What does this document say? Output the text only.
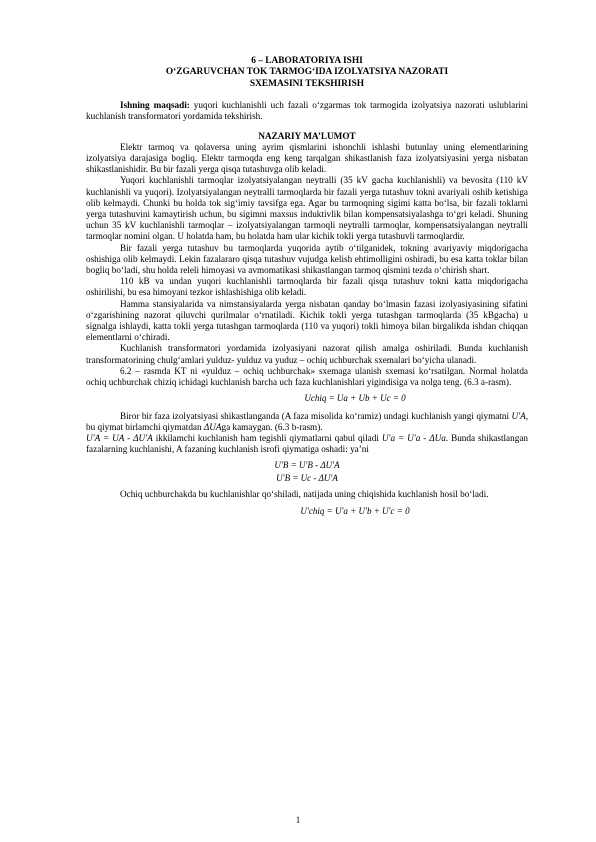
6 – LABORATORIYA ISHI
O‘ZGARUVCHAN TOK TARMOG‘IDA IZOLYATSIYA NAZORATI
SXEMASINI TEKSHIRISH

Ishning maqsadi: yuqori kuchlanishli uch fazali o‘zgarmas tok tarmogida izolyatsiya nazorati uslublarini kuchlanish transformatori yordamida tekshirish.

NAZARIY MA’LUMOT

Elektr tarmoq va qolaversa uning ayrim qismlarini ishonchli ishlashi butunlay uning elementlarining izolyatsiya darajasiga bogliq. Elektr tarmoqda eng keng tarqalgan shikastlanish faza izolyatsiyasini yerga nisbatan shikastlanishidir. Bu bir fazali yerga qisqa tutashuvga olib keladi.

Yuqori kuchlanishli tarmoqlar izolyatsiyalangan neytralli (35 kV gacha kuchlanishli) va bevosita (110 kV kuchlanishli va yuqori). Izolyatsiyalangan neytralli tarmoqlarda bir fazali yerga tutashuv tokni avariyali oshib ketishiga olib kelmaydi. Chunki bu holda tok sig‘imiy tavsifga ega. Agar bu tarmoqning sigimi katta bo‘lsa, bir fazali toklarni yerga tutashuvini kamaytirish uchun, bu sigimni maxsus induktivlik bilan kompensatsiyalashga to‘gri keladi. Shuning uchun 35 kV kuchlanishli tarmoqlar – izolyatsiyalangan tarmoqli neytralli tarmoqlar, kompensatsiyalangan neytralli tarmoqlar nomini olgan. U holatda ham, bu holatda ham ular kichik tokli yerga tutashuvli tarmoqlardir.

Bir fazali yerga tutashuv bu tarmoqlarda yuqorida aytib o‘tilganidek, tokning avariyaviy miqdorigacha oshishiga olib kelmaydi. Lekin fazalararo qisqa tutashuv vujudga kelish ehtimolligini oshiradi, bu esa katta toklar bilan bogliq bo‘ladi, shu holda releli himoyasi va avmomatikasi shikastlangan tarmoq qismini tezda o‘chirish shart.

110 kB va undan yuqori kuchlanishli tarmoqlarda bir fazali qisqa tutashuv tokni katta miqdorigacha oshirilishi, bu esa himoyani tezkor ishlashishiga olib keladi.

Hamma stansiyalarida va nimstansiyalarda yerga nisbatan qanday bo‘lmasin fazasi izolyasiyasining sifatini o‘zgarishining nazorat qiluvchi qurilmalar o‘rnatiladi. Kichik tokli yerga tutashgan tarmoqlarda (35 kBgacha) u signalga ishlaydi, katta tokli yerga tutashgan tarmoqlarda (110 va yuqori) tokli himoya bilan birgalikda ishdan chiqqan elementlarni o‘chiradi.

Kuchlanish transformatori yordamida izolyasiyani nazorat qilish amalga oshiriladi. Bunda kuchlanish transformatorining chulg‘amlari yulduz- yulduz va yuduz – ochiq uchburchak sxemalari bo‘yicha ulanadi.

6.2 – rasmda KT ni «yulduz – ochiq uchburchak» sxemaga ulanish sxemasi ko‘rsatilgan. Normal holatda ochiq uchburchak chiziq ichidagi kuchlanish barcha uch faza kuchlanishlari yigindisiga va nolga teng. (6.3 a-rasm).

Uchiq = Ua + Ub + Uc = 0

Biror bir faza izolyatsiyasi shikastlanganda (A faza misolida ko‘ramiz) undagi kuchlanish yangi qiymatni U′A, bu qiymat birlamchi qiymatdan ΔUAga kamaygan. (6.3 b-rasm).

U′A = UA - ΔU′A ikkilamchi kuchlanish ham tegishli qiymatlarni qabul qiladi U′a = U′a - ΔUa. Bunda shikastlangan fazalarning kuchlanishi, A fazaning kuchlanish isrofi qiymatiga oshadi: ya’ni

U′B = U′B - ΔU′A
U′B = Uc - ΔU′A

Ochiq uchburchakda bu kuchlanishlar qo‘shiladi, natijada uning chiqishida kuchlanish hosil bo‘ladi.

U′chiq = U′a + U′b + U′c = 0
1
